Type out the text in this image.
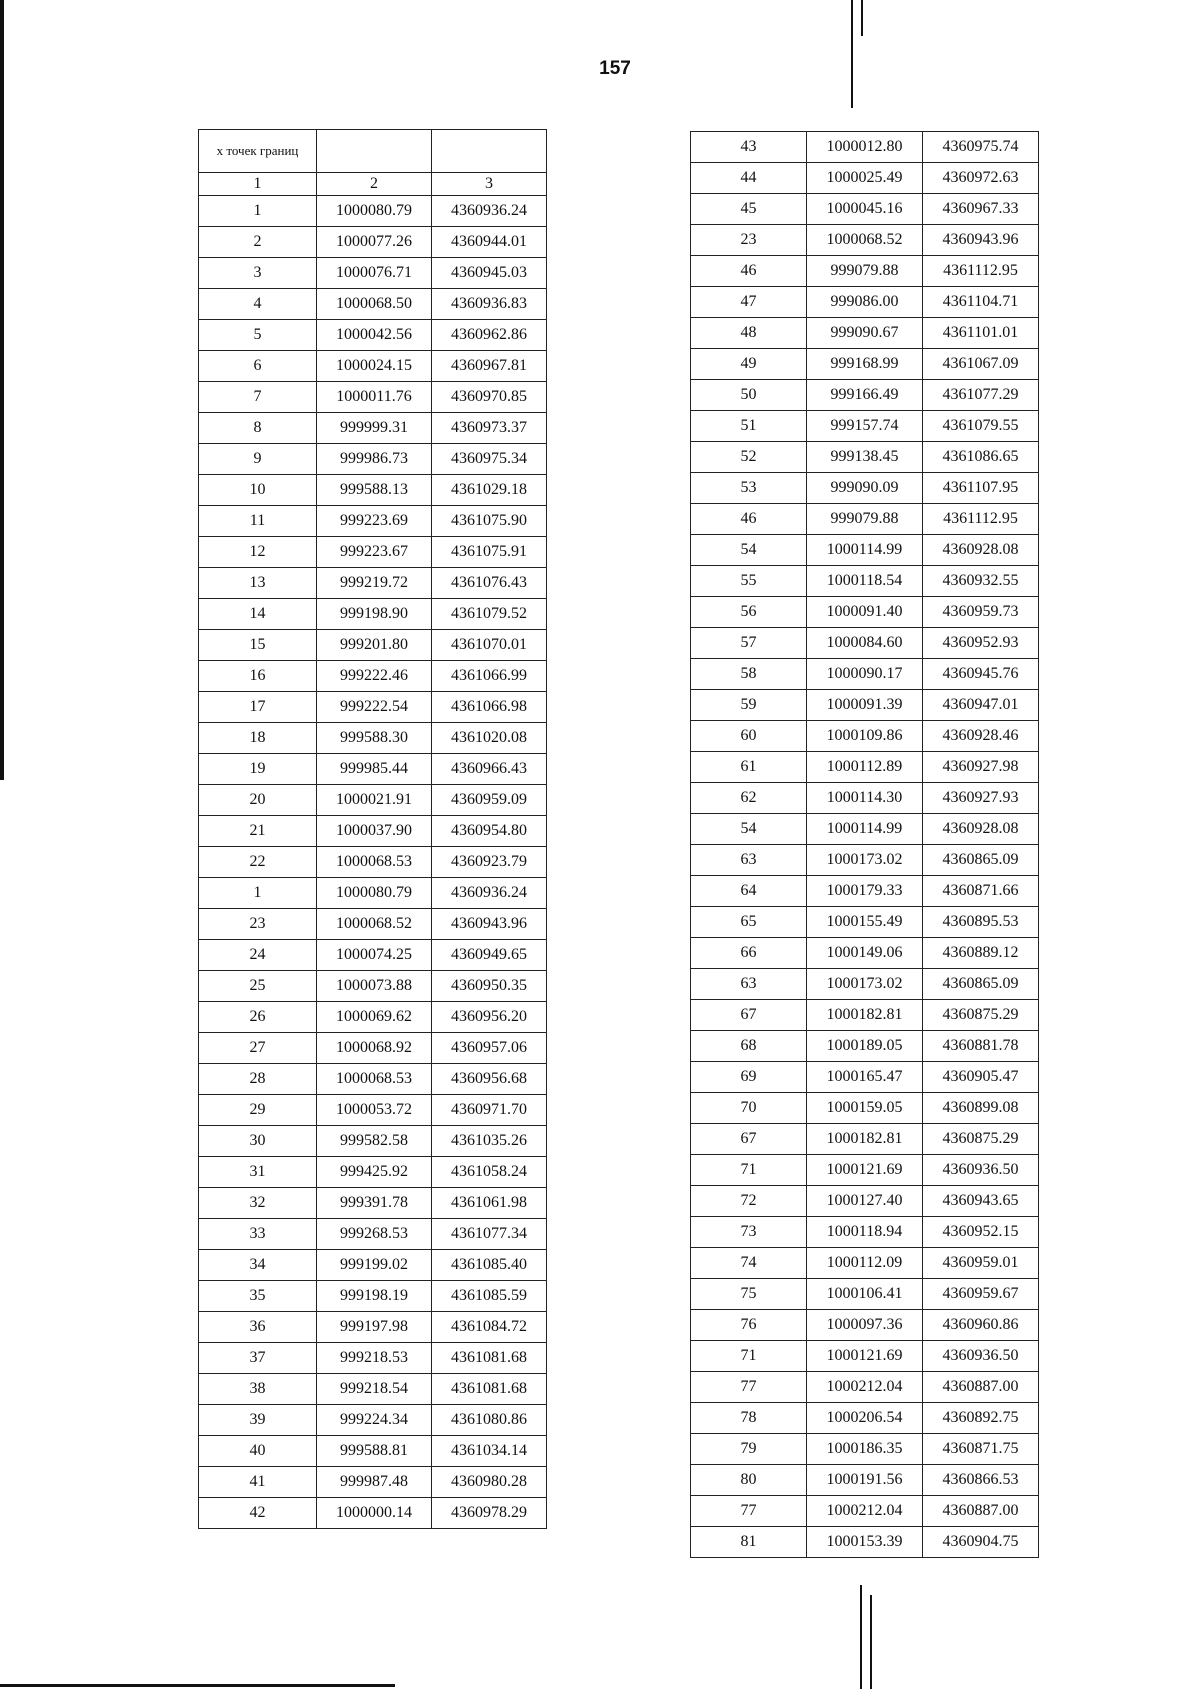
157
х точек границ		
1	2	3
1	1000080.79	4360936.24
2	1000077.26	4360944.01
3	1000076.71	4360945.03
4	1000068.50	4360936.83
5	1000042.56	4360962.86
6	1000024.15	4360967.81
7	1000011.76	4360970.85
8	999999.31	4360973.37
9	999986.73	4360975.34
10	999588.13	4361029.18
11	999223.69	4361075.90
12	999223.67	4361075.91
13	999219.72	4361076.43
14	999198.90	4361079.52
15	999201.80	4361070.01
16	999222.46	4361066.99
17	999222.54	4361066.98
18	999588.30	4361020.08
19	999985.44	4360966.43
20	1000021.91	4360959.09
21	1000037.90	4360954.80
22	1000068.53	4360923.79
1	1000080.79	4360936.24
23	1000068.52	4360943.96
24	1000074.25	4360949.65
25	1000073.88	4360950.35
26	1000069.62	4360956.20
27	1000068.92	4360957.06
28	1000068.53	4360956.68
29	1000053.72	4360971.70
30	999582.58	4361035.26
31	999425.92	4361058.24
32	999391.78	4361061.98
33	999268.53	4361077.34
34	999199.02	4361085.40
35	999198.19	4361085.59
36	999197.98	4361084.72
37	999218.53	4361081.68
38	999218.54	4361081.68
39	999224.34	4361080.86
40	999588.81	4361034.14
41	999987.48	4360980.28
42	1000000.14	4360978.29
43	1000012.80	4360975.74
44	1000025.49	4360972.63
45	1000045.16	4360967.33
23	1000068.52	4360943.96
46	999079.88	4361112.95
47	999086.00	4361104.71
48	999090.67	4361101.01
49	999168.99	4361067.09
50	999166.49	4361077.29
51	999157.74	4361079.55
52	999138.45	4361086.65
53	999090.09	4361107.95
46	999079.88	4361112.95
54	1000114.99	4360928.08
55	1000118.54	4360932.55
56	1000091.40	4360959.73
57	1000084.60	4360952.93
58	1000090.17	4360945.76
59	1000091.39	4360947.01
60	1000109.86	4360928.46
61	1000112.89	4360927.98
62	1000114.30	4360927.93
54	1000114.99	4360928.08
63	1000173.02	4360865.09
64	1000179.33	4360871.66
65	1000155.49	4360895.53
66	1000149.06	4360889.12
63	1000173.02	4360865.09
67	1000182.81	4360875.29
68	1000189.05	4360881.78
69	1000165.47	4360905.47
70	1000159.05	4360899.08
67	1000182.81	4360875.29
71	1000121.69	4360936.50
72	1000127.40	4360943.65
73	1000118.94	4360952.15
74	1000112.09	4360959.01
75	1000106.41	4360959.67
76	1000097.36	4360960.86
71	1000121.69	4360936.50
77	1000212.04	4360887.00
78	1000206.54	4360892.75
79	1000186.35	4360871.75
80	1000191.56	4360866.53
77	1000212.04	4360887.00
81	1000153.39	4360904.75
